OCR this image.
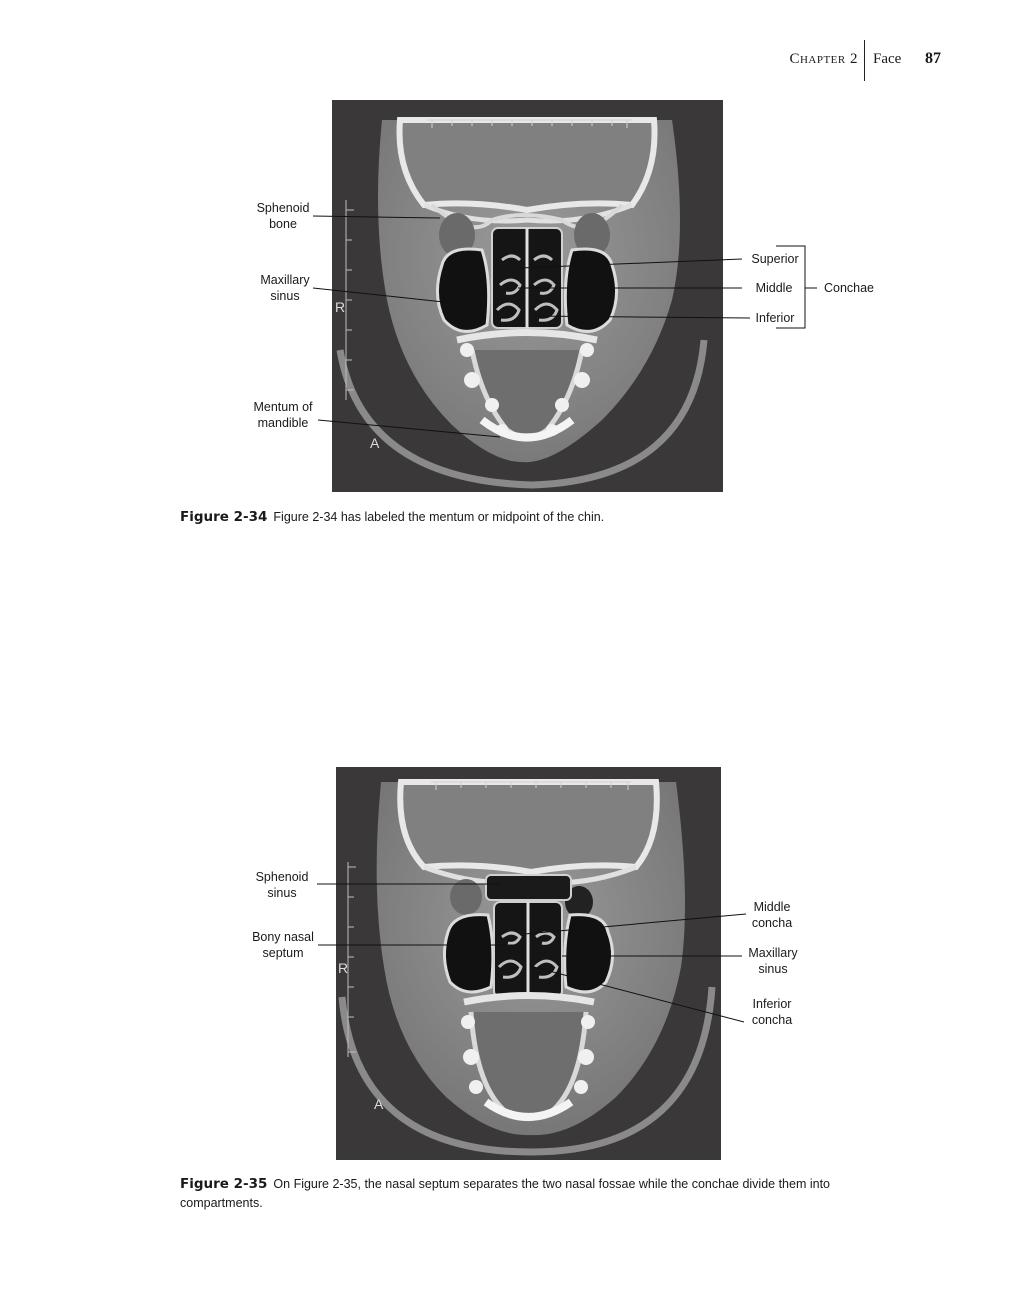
Chapter 2 Face 87
R
A
R
A
Sphenoid
bone
Maxillary
sinus
Mentum of
mandible
Superior
Middle
Inferior
Conchae
Sphenoid
sinus
Bony nasal
septum
Middle
concha
Maxillary
sinus
Inferior
concha
Figure 2-34 Figure 2-34 has labeled the mentum or midpoint of the chin.
Figure 2-35 On Figure 2-35, the nasal septum separates the two nasal fossae while the conchae divide them into compartments.
